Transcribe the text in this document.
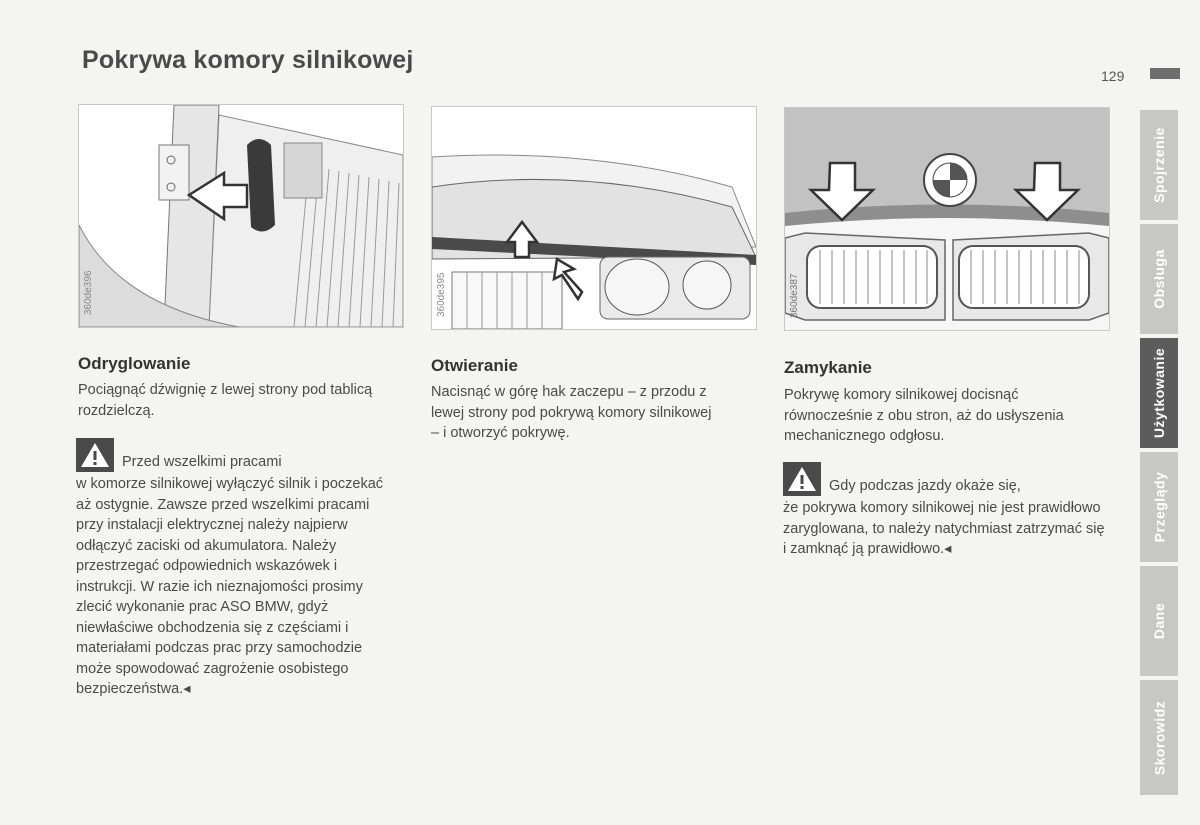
Pokrywa komory silnikowej
129
Spojrzenie
Obsługa
Użytkowanie
Przeglądy
Dane
Skorowidz
360de396	360de395	360de387
Odryglowanie

Pociągnąć dźwignię z lewej strony pod tablicą rozdzielczą.

Przed wszelkimi pracami
w komorze silnikowej wyłączyć silnik i poczekać aż ostygnie. Zawsze przed wszelkimi pracami przy instalacji elektrycznej należy najpierw odłączyć zaciski od akumulatora. Należy przestrzegać odpowiednich wskazówek i instrukcji. W razie ich nieznajomości prosimy zlecić wykonanie prac ASO BMW, gdyż niewłaściwe obchodzenia się z częściami i materiałami podczas prac przy samochodzie może spowodować zagrożenie osobistego bezpieczeństwa.◂
Otwieranie

Nacisnąć w górę hak zaczepu – z przodu z lewej strony pod pokrywą komory silnikowej – i otworzyć pokrywę.

Zamykanie

Pokrywę komory silnikowej docisnąć równocześnie z obu stron, aż do usłyszenia mechanicznego odgłosu.

Gdy podczas jazdy okaże się,
że pokrywa komory silnikowej nie jest prawidłowo zaryglowana, to należy natychmiast zatrzymać się i zamknąć ją prawidłowo.◂
